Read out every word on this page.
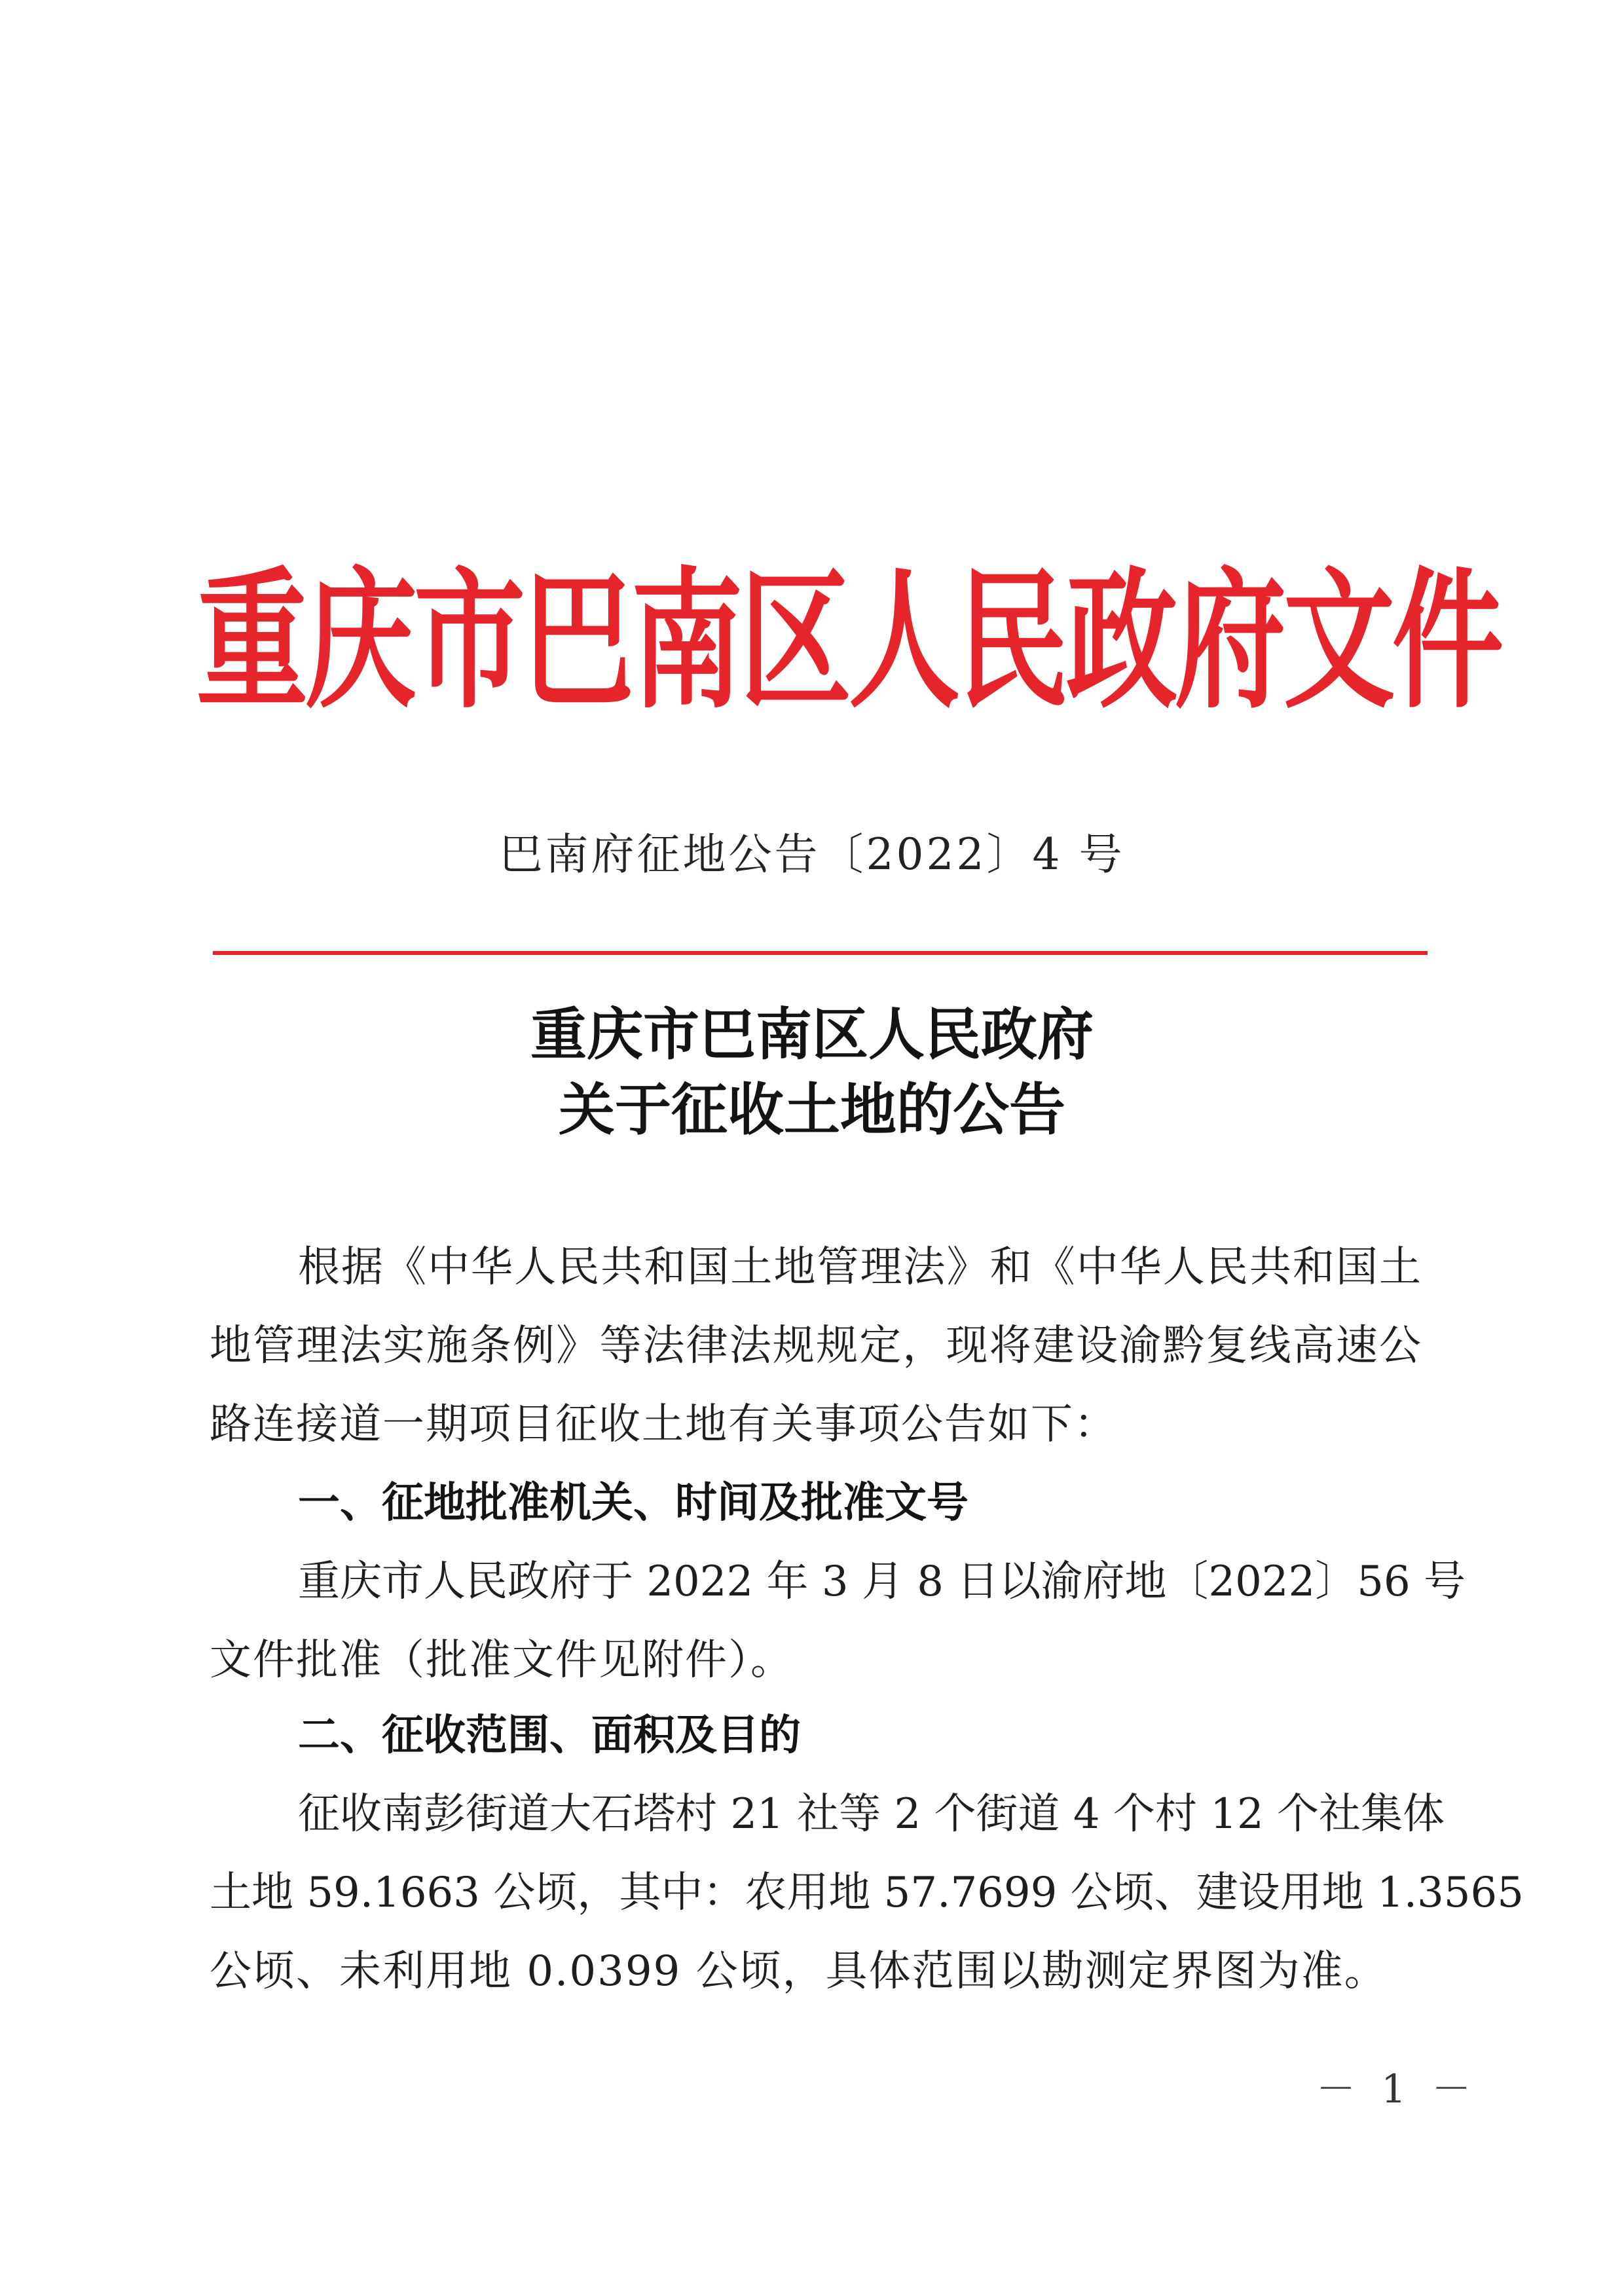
重庆市巴南区人民政府文件
巴南府征地公告〔2022〕4 号
重庆市巴南区人民政府
关于征收土地的公告
根据《中华人民共和国土地管理法》和《中华人民共和国土
地管理法实施条例》等法律法规规定，现将建设渝黔复线高速公
路连接道一期项目征收土地有关事项公告如下：
一、征地批准机关、时间及批准文号
重庆市人民政府于 2022 年 3 月 8 日以渝府地〔2022〕56 号
文件批准（批准文件见附件）。
二、征收范围、面积及目的
征收南彭街道大石塔村 21 社等 2 个街道 4 个村 12 个社集体
土地 59.1663 公顷，其中：农用地 57.7699 公顷、建设用地 1.3565
公顷、未利用地 0.0399 公顷，具体范围以勘测定界图为准。
－ 1 －
